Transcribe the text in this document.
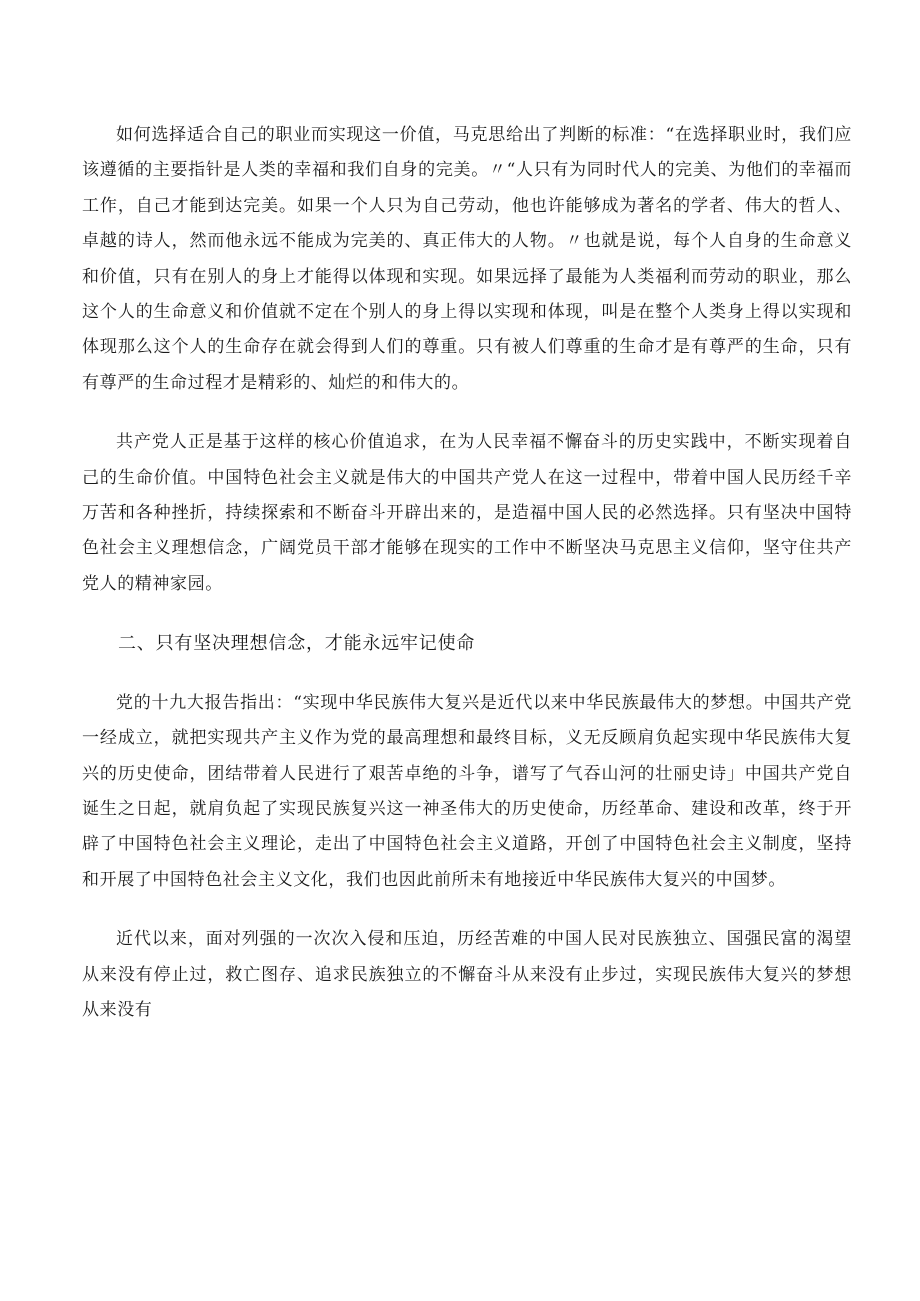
如何选择适合自己的职业而实现这一价值，马克思给出了判断的标准：“在选择职业时，我们应该遵循的主要指针是人类的幸福和我们自身的完美。〃“人只有为同时代人的完美、为他们的幸福而工作，自己才能到达完美。如果一个人只为自己劳动，他也许能够成为著名的学者、伟大的哲人、卓越的诗人，然而他永远不能成为完美的、真正伟大的人物。〃也就是说，每个人自身的生命意义和价值，只有在别人的身上才能得以体现和实现。如果远择了最能为人类福利而劳动的职业，那么这个人的生命意义和价值就不定在个别人的身上得以实现和体现，叫是在整个人类身上得以实现和体现那么这个人的生命存在就会得到人们的尊重。只有被人们尊重的生命才是有尊严的生命，只有有尊严的生命过程才是精彩的、灿烂的和伟大的。

共产党人正是基于这样的核心价值追求，在为人民幸福不懈奋斗的历史实践中，不断实现着自己的生命价值。中国特色社会主义就是伟大的中国共产党人在这一过程中，带着中国人民历经千辛万苦和各种挫折，持续探索和不断奋斗开辟出来的，是造福中国人民的必然选择。只有坚决中国特色社会主义理想信念，广阔党员干部才能够在现实的工作中不断坚决马克思主义信仰，坚守住共产党人的精神家园。

二、只有坚决理想信念，才能永远牢记使命

党的十九大报告指出：“实现中华民族伟大复兴是近代以来中华民族最伟大的梦想。中国共产党一经成立，就把实现共产主义作为党的最高理想和最终目标，义无反顾肩负起实现中华民族伟大复兴的历史使命，团结带着人民进行了艰苦卓绝的斗争，谱写了气吞山河的壮丽史诗」中国共产党自诞生之日起，就肩负起了实现民族复兴这一神圣伟大的历史使命，历经革命、建设和改革，终于开辟了中国特色社会主义理论，走出了中国特色社会主义道路，开创了中国特色社会主义制度，坚持和开展了中国特色社会主义文化，我们也因此前所未有地接近中华民族伟大复兴的中国梦。

近代以来，面对列强的一次次入侵和压迫，历经苦难的中国人民对民族独立、国强民富的渴望从来没有停止过，救亡图存、追求民族独立的不懈奋斗从来没有止步过，实现民族伟大复兴的梦想从来没有
